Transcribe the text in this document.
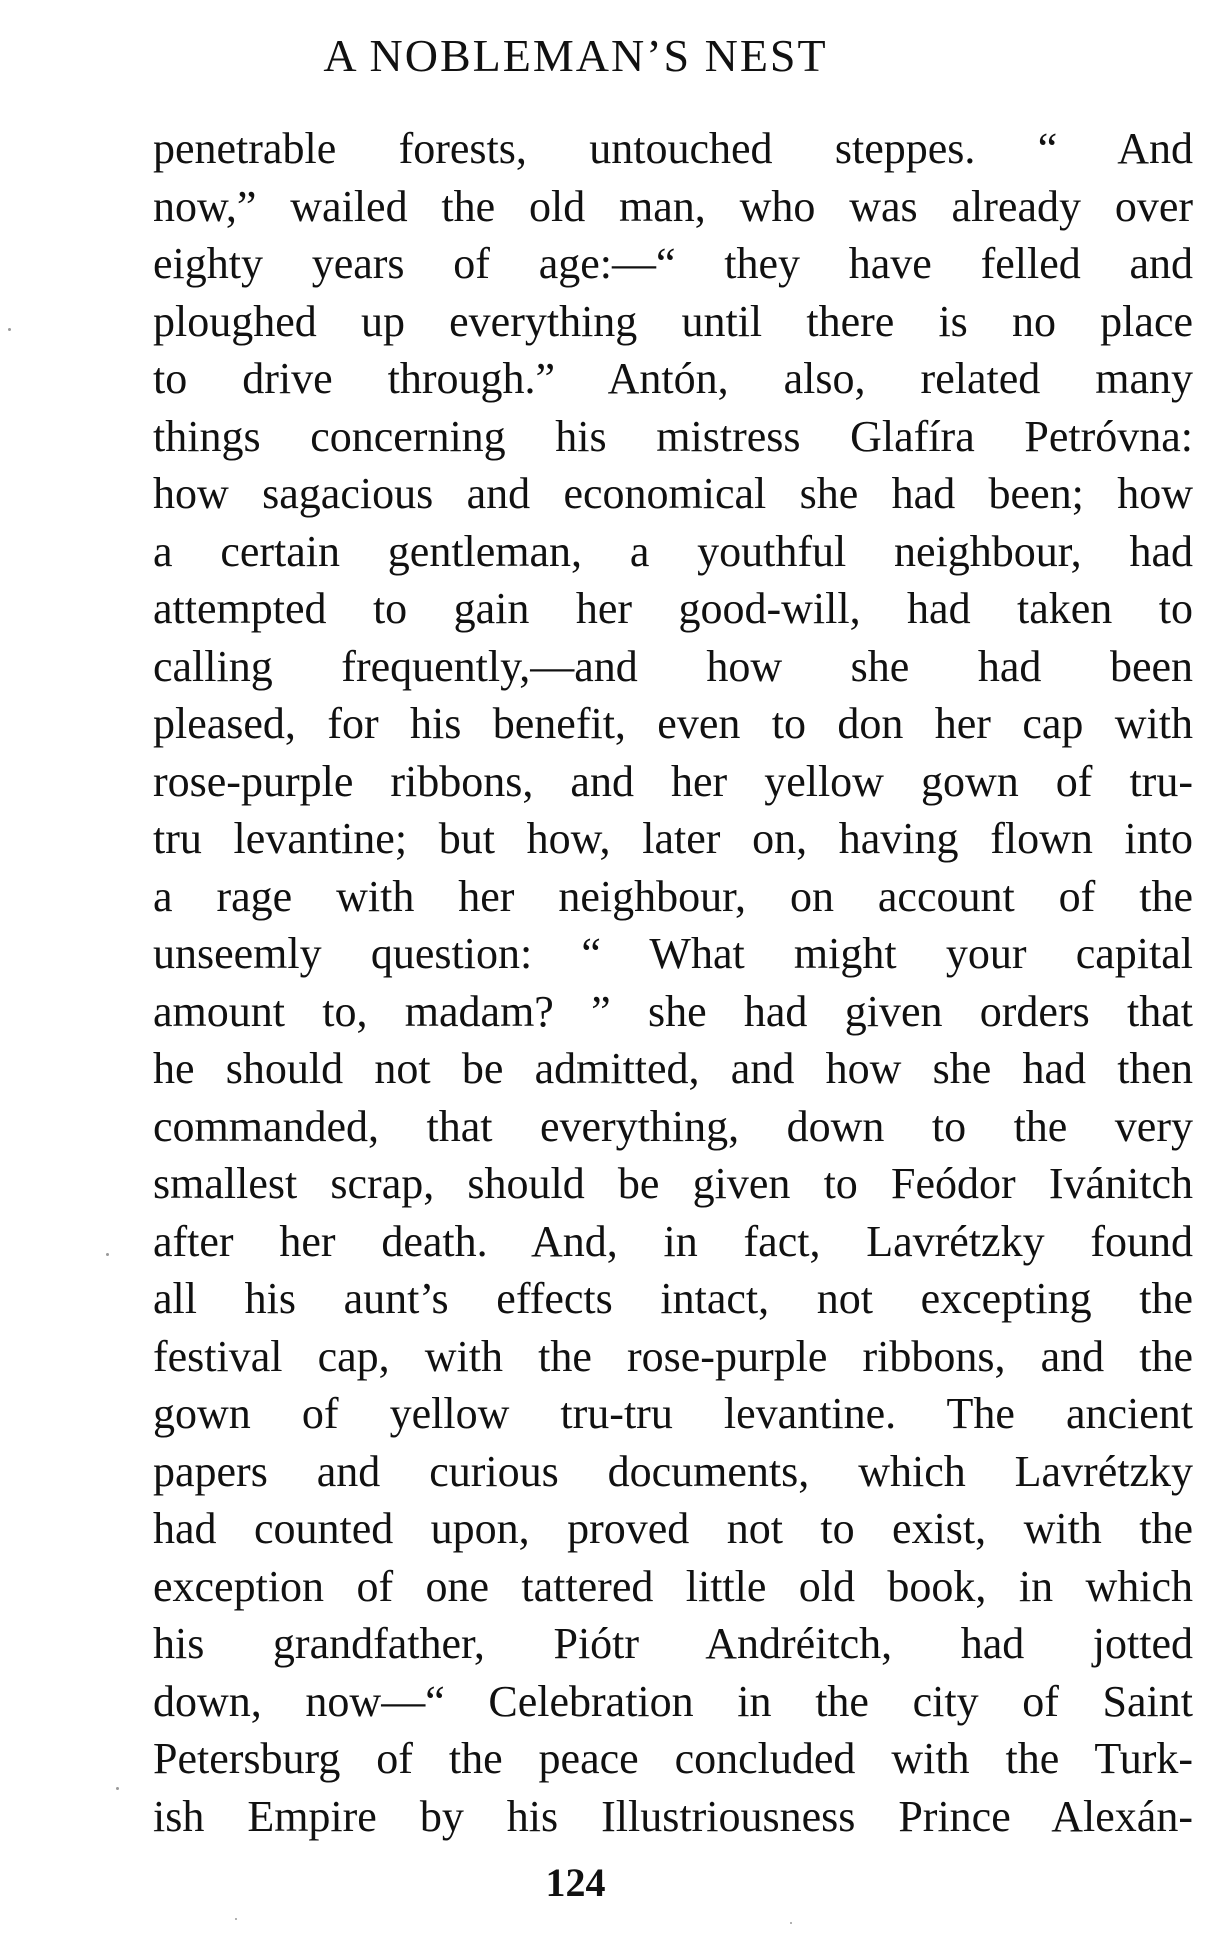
A NOBLEMAN’S NEST
penetrable forests, untouched steppes. “ And
now,” wailed the old man, who was already over
eighty years of age:—“ they have felled and
ploughed up everything until there is no place
to drive through.” Antón, also, related many
things concerning his mistress Glafíra Petróvna:
how sagacious and economical she had been; how
a certain gentleman, a youthful neighbour, had
attempted to gain her good-will, had taken to
calling frequently,—and how she had been
pleased, for his benefit, even to don her cap with
rose-purple ribbons, and her yellow gown of tru-
tru levantine; but how, later on, having flown into
a rage with her neighbour, on account of the
unseemly question: “ What might your capital
amount to, madam? ” she had given orders that
he should not be admitted, and how she had then
commanded, that everything, down to the very
smallest scrap, should be given to Feódor Ivánitch
after her death. And, in fact, Lavrétzky found
all his aunt’s effects intact, not excepting the
festival cap, with the rose-purple ribbons, and the
gown of yellow tru-tru levantine. The ancient
papers and curious documents, which Lavrétzky
had counted upon, proved not to exist, with the
exception of one tattered little old book, in which
his grandfather, Piótr Andréitch, had jotted
down, now—“ Celebration in the city of Saint
Petersburg of the peace concluded with the Turk-
ish Empire by his Illustriousness Prince Alexán-
124
